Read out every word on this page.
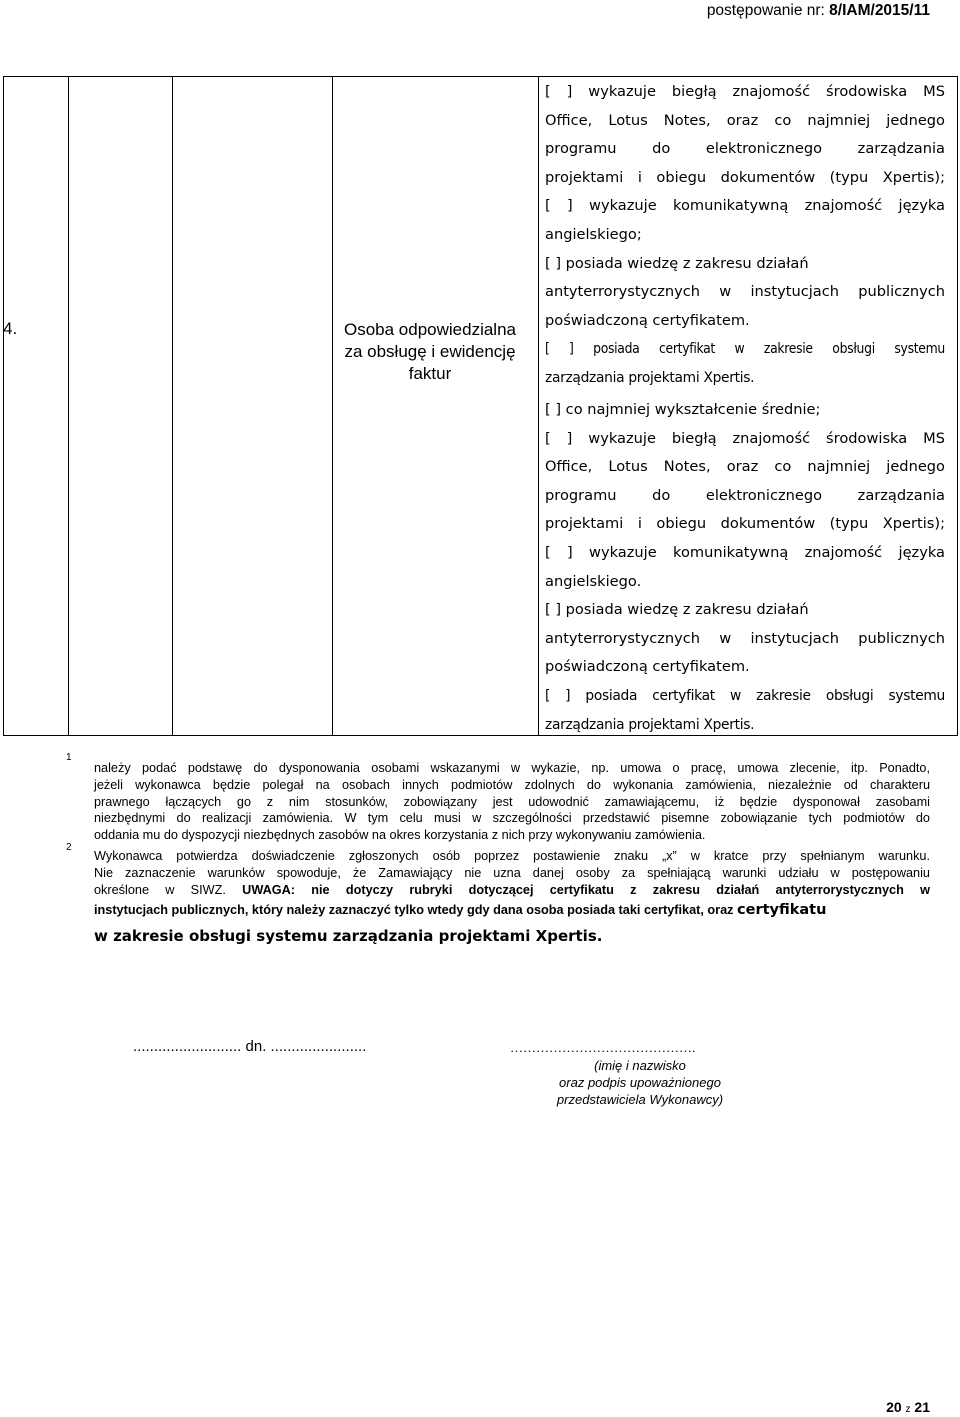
postępowanie nr: 8/IAM/2015/11
4.	Osoba odpowiedzialna
za obsługę i ewidencję
faktur
[ ] wykazuje biegłą znajomość środowiska MS
Office, Lotus Notes, oraz co najmniej jednego
programu do elektronicznego zarządzania
projektami i obiegu dokumentów (typu Xpertis);
[ ] wykazuje komunikatywną znajomość języka
angielskiego;
[ ] posiada wiedzę z zakresu działań
antyterrorystycznych w instytucjach publicznych
poświadczoną certyfikatem.
[ ] posiada certyfikat w zakresie obsługi systemu
zarządzania projektami Xpertis.
[ ] co najmniej wykształcenie średnie;
[ ] wykazuje biegłą znajomość środowiska MS
Office, Lotus Notes, oraz co najmniej jednego
programu do elektronicznego zarządzania
projektami i obiegu dokumentów (typu Xpertis);
[ ] wykazuje komunikatywną znajomość języka
angielskiego.
[ ] posiada wiedzę z zakresu działań
antyterrorystycznych w instytucjach publicznych
poświadczoną certyfikatem.
[ ] posiada certyfikat w zakresie obsługi systemu
zarządzania projektami Xpertis.
1
2
należy podać podstawę do dysponowania osobami wskazanymi w wykazie, np. umowa o pracę, umowa zlecenie, itp. Ponadto,
jeżeli wykonawca będzie polegał na osobach innych podmiotów zdolnych do wykonania zamówienia, niezależnie od charakteru
prawnego łączących go z nim stosunków, zobowiązany jest udowodnić zamawiającemu, iż będzie dysponował zasobami
niezbędnymi do realizacji zamówienia. W tym celu musi w szczególności przedstawić pisemne zobowiązanie tych podmiotów do
oddania mu do dyspozycji niezbędnych zasobów na okres korzystania z nich przy wykonywaniu zamówienia.
Wykonawca potwierdza doświadczenie zgłoszonych osób poprzez postawienie znaku „x” w kratce przy spełnianym warunku.
Nie zaznaczenie warunków spowoduje, że Zamawiający nie uzna danej osoby za spełniającą warunki udziału w postępowaniu
określone w SIWZ. UWAGA: nie dotyczy rubryki dotyczącej certyfikatu z zakresu działań antyterrorystycznych w
instytucjach publicznych, który należy zaznaczyć tylko wtedy gdy dana osoba posiada taki certyfikat, oraz certyfikatu
w zakresie obsługi systemu zarządzania projektami Xpertis.
.......................... dn. .......................	…………………………………….
(imię i nazwisko
oraz podpis upoważnionego
przedstawiciela Wykonawcy)
20 z 21
